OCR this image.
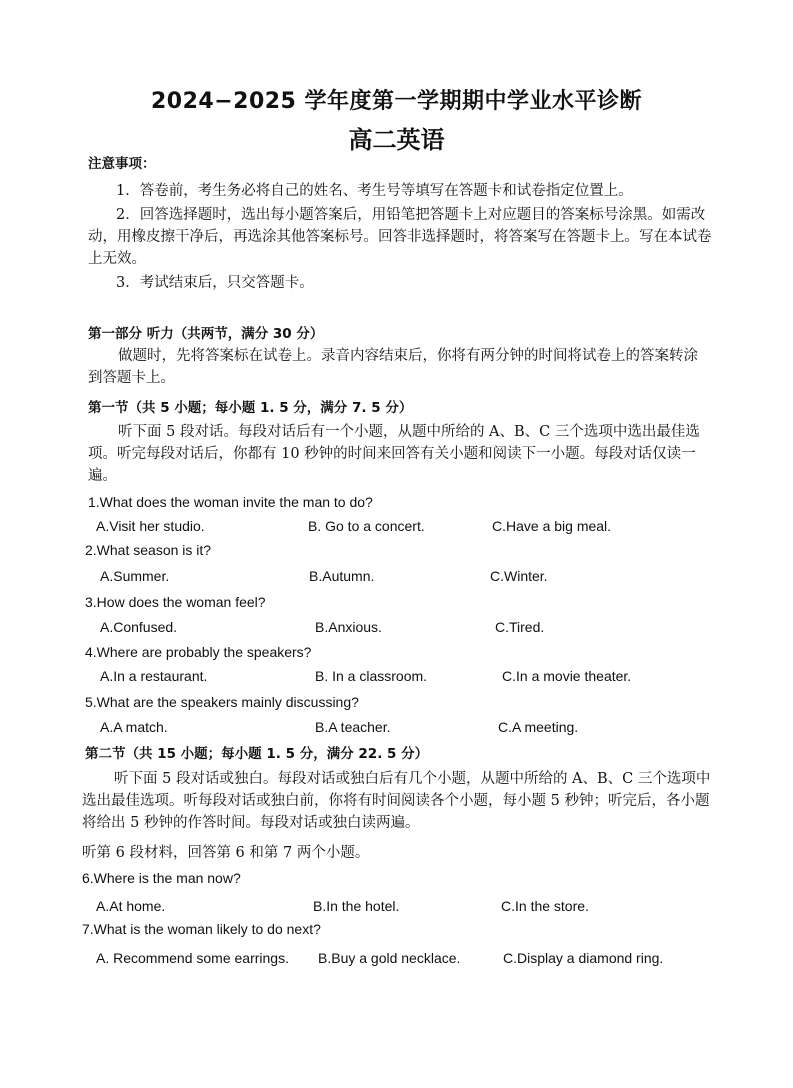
2024−2025 学年度第一学期期中学业水平诊断
高二英语
注意事项：
1．答卷前，考生务必将自己的姓名、考生号等填写在答题卡和试卷指定位置上。
2．回答选择题时，选出每小题答案后，用铅笔把答题卡上对应题目的答案标号涂黑。如需改动，用橡皮擦干净后，再选涂其他答案标号。回答非选择题时，将答案写在答题卡上。写在本试卷上无效。
3．考试结束后，只交答题卡。
第一部分 听力（共两节，满分 30 分）
做题时，先将答案标在试卷上。录音内容结束后，你将有两分钟的时间将试卷上的答案转涂到答题卡上。
第一节（共 5 小题；每小题 1. 5 分，满分 7. 5 分）
听下面 5 段对话。每段对话后有一个小题，从题中所给的 A、B、C 三个选项中选出最佳选项。听完每段对话后，你都有 10 秒钟的时间来回答有关小题和阅读下一小题。每段对话仅读一遍。
1.What does the woman invite the man to do?
A.Visit her studio.	B. Go to a concert.	C.Have a big meal.
2.What season is it?
A.Summer.	B.Autumn.	C.Winter.
3.How does the woman feel?
A.Confused.	B.Anxious.	C.Tired.
4.Where are probably the speakers?
A.In a restaurant.	B. In a classroom.	C.In a movie theater.
5.What are the speakers mainly discussing?
A.A match.	B.A teacher.	C.A meeting.
第二节（共 15 小题；每小题 1. 5 分，满分 22. 5 分）
听下面 5 段对话或独白。每段对话或独白后有几个小题，从题中所给的 A、B、C 三个选项中选出最佳选项。听每段对话或独白前，你将有时间阅读各个小题，每小题 5 秒钟；听完后，各小题将给出 5 秒钟的作答时间。每段对话或独白读两遍。
听第 6 段材料，回答第 6 和第 7 两个小题。
6.Where is the man now?
A.At home.	B.In the hotel.	C.In the store.
7.What is the woman likely to do next?
A. Recommend some earrings. B.Buy a gold necklace.	C.Display a diamond ring.
